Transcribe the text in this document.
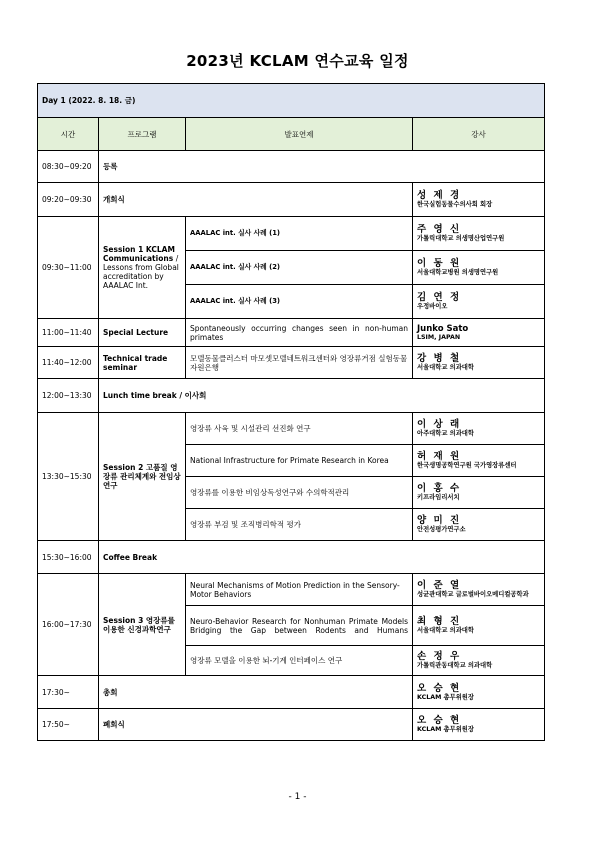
2023년 KCLAM 연수교육 일정
Day 1 (2022. 8. 18. 금)			
시간	프로그램	발표연제	강사
08:30~09:20	등록		
09:20~09:30	개회식		성 제 경
한국실험동물수의사회 회장

09:30~11:00	Session 1 KCLAM Communications / Lessons from Global accreditation by AAALAC Int.	AAALAC int. 실사 사례 (1)	주 영 신
가톨릭대학교 의생명산업연구원

		AAALAC int. 실사 사례 (2)	이 동 원
서울대학교병원 의생명연구원

		AAALAC int. 실사 사례 (3)	김 연 정
우정바이오

11:00~11:40	Special Lecture	Spontaneously occurring changes seen in non-human primates	Junko Sato
LSIM, JAPAN

11:40~12:00	Technical trade seminar	모델동물클러스터 마모셋모델네트워크센터와 영장류거점 실험동물자원은행	강 병 철
서울대학교 의과대학

12:00~13:30	Lunch time break / 이사회		
13:30~15:30	Session 2 고품질 영장류 관리체계와 전임상연구	영장류 사육 및 시설관리 선진화 연구	이 상 래
아주대학교 의과대학

		National Infrastructure for Primate Research in Korea	허 재 원
한국생명공학연구원 국가영장류센터

		영장류를 이용한 비임상독성연구와 수의학적관리	이 홍 수
키프라임리서치

		영장류 부검 및 조직병리학적 평가	양 미 진
안전성평가연구소

15:30~16:00	Coffee Break		
16:00~17:30	Session 3 영장류를 이용한 신경과학연구	Neural Mechanisms of Motion Prediction in the Sensory-Motor Behaviors	이 준 열
성균관대학교 글로벌바이오메디컬공학과

		Neuro-Behavior Research for Nonhuman Primate Models Bridging the Gap between Rodents and Humans	최 형 진
서울대학교 의과대학

		영장류 모델을 이용한 뇌-기계 인터페이스 연구	손 정 우
가톨릭관동대학교 의과대학

17:30~	총회		오 승 현
KCLAM 총무위원장

17:50~	폐회식		오 승 현
KCLAM 총무위원장
- 1 -
